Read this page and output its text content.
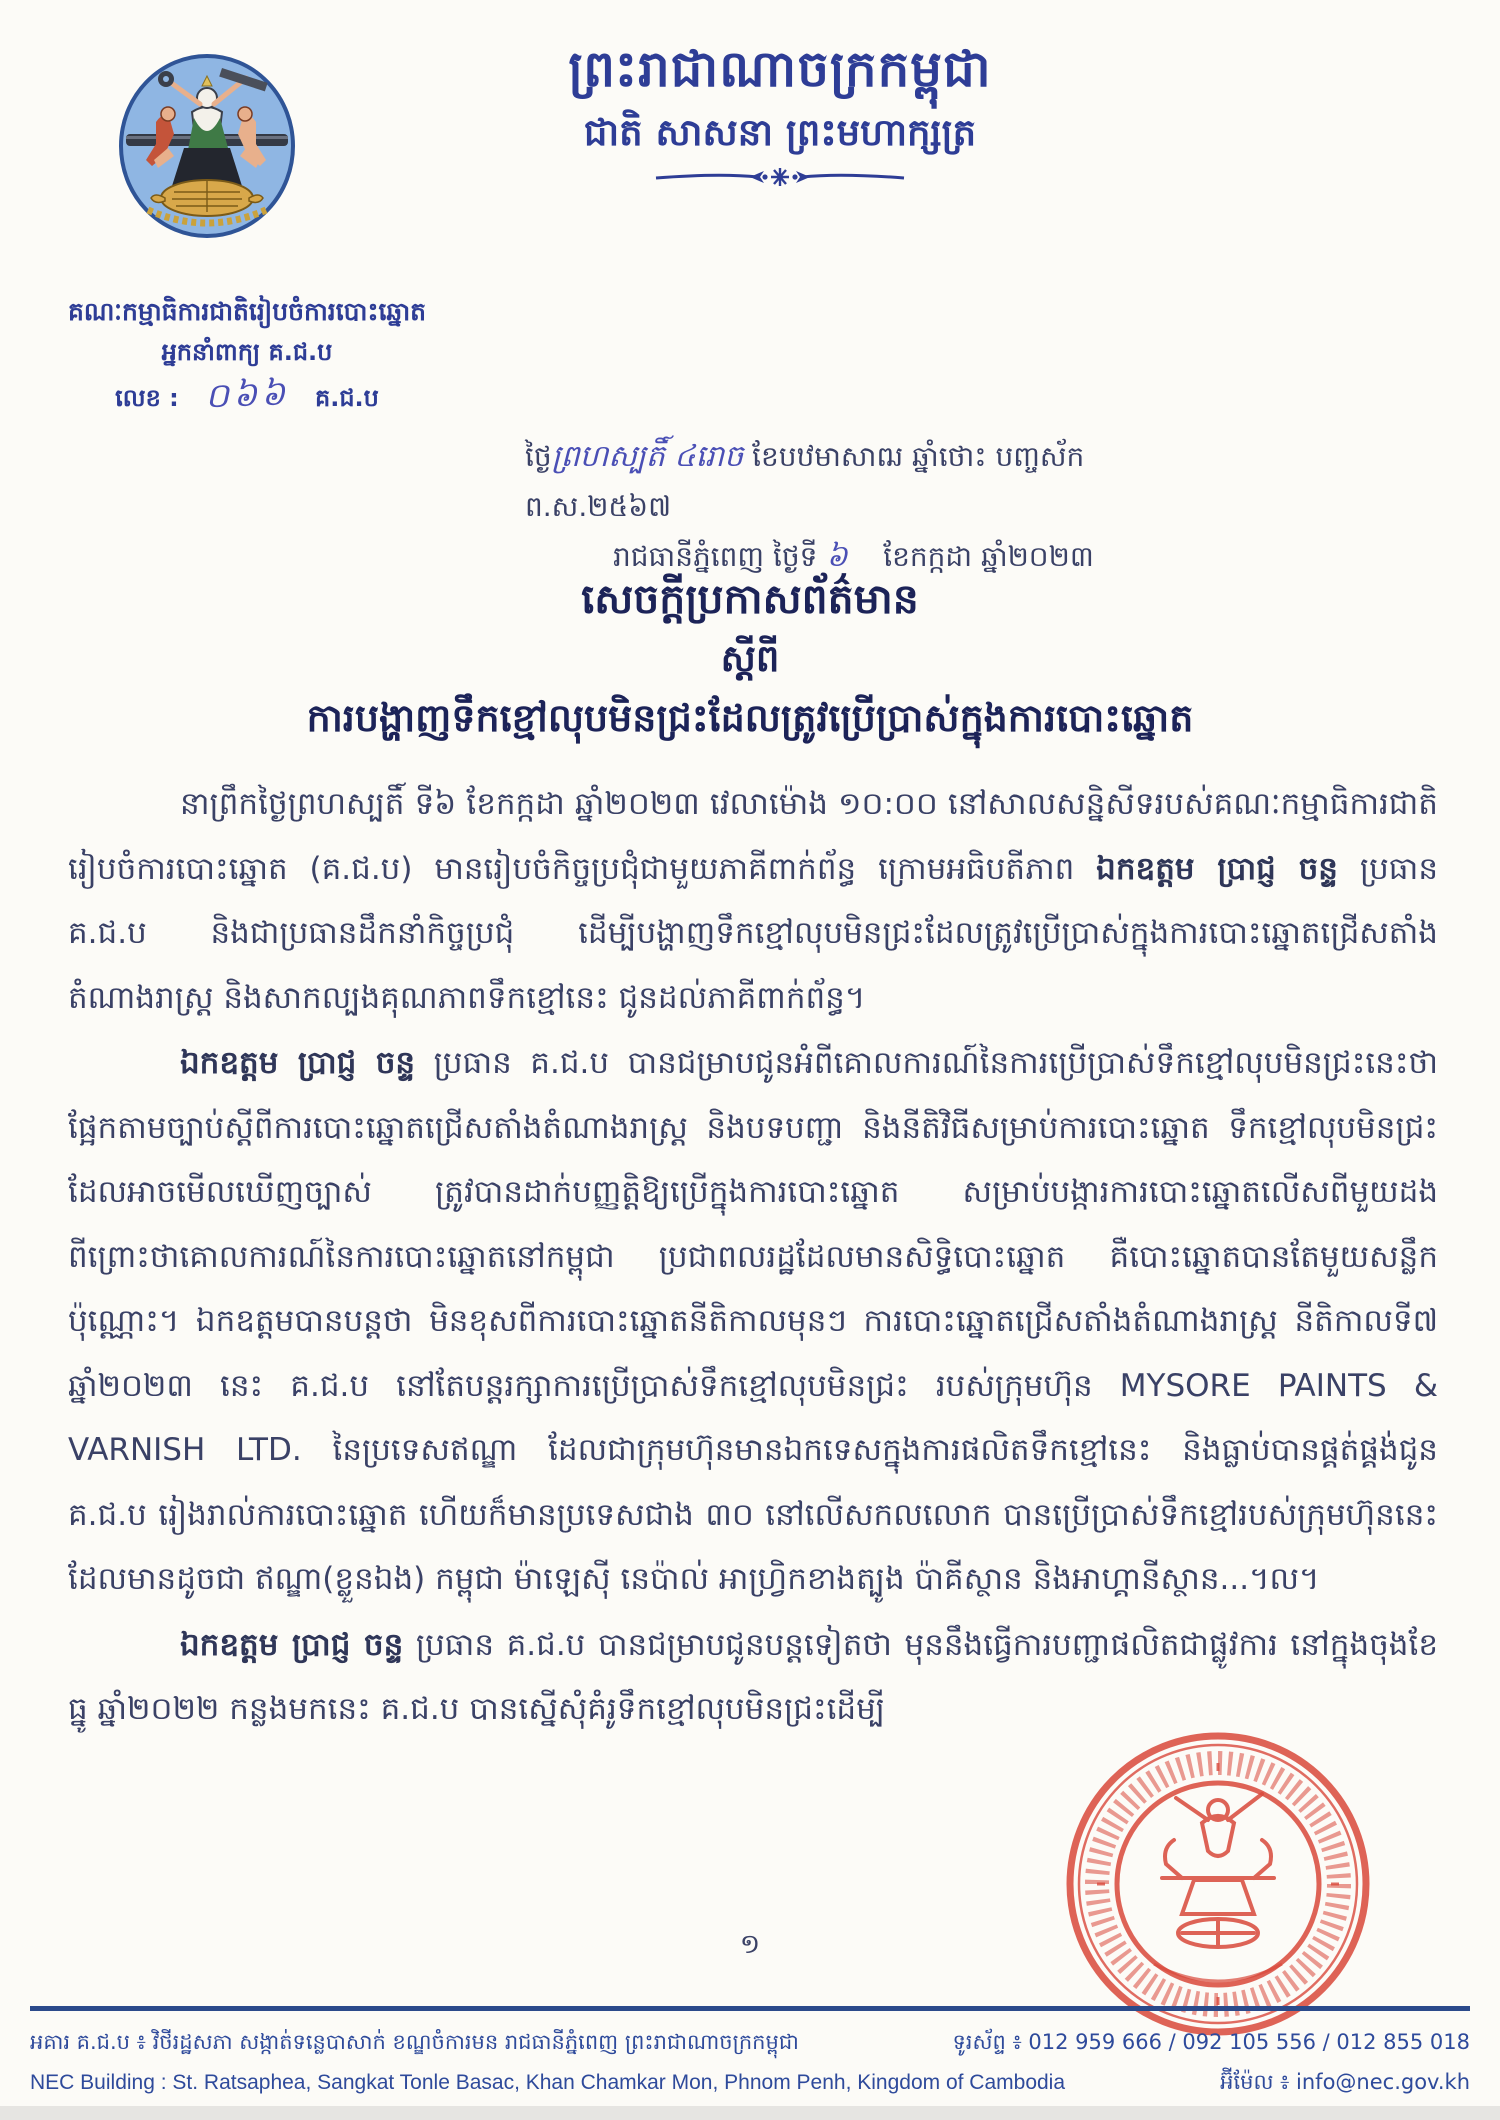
ព្រះរាជាណាចក្រកម្ពុជា
ជាតិ សាសនា ព្រះមហាក្សត្រ
គណៈកម្មាធិការជាតិរៀបចំការបោះឆ្នោត
អ្នកនាំពាក្យ គ.ជ.ប
លេខ : ០៦៦ គ.ជ.ប
ថ្ងៃព្រហស្បតិ៍ ៤រោច ខែបឋមាសាឍ ឆ្នាំថោះ បញ្ចស័ក ព.ស.២៥៦៧
រាជធានីភ្នំពេញ ថ្ងៃទី ៦ ខែកក្កដា ឆ្នាំ២០២៣
សេចក្តីប្រកាសព័ត៌មាន
ស្តីពី
ការបង្ហាញទឹកខ្មៅលុបមិនជ្រះដែលត្រូវប្រើប្រាស់ក្នុងការបោះឆ្នោត
នាព្រឹកថ្ងៃព្រហស្បតិ៍ ទី៦ ខែកក្កដា ឆ្នាំ២០២៣ វេលាម៉ោង ១០:០០ នៅសាលសន្និសីទរបស់គណៈកម្មាធិការជាតិរៀបចំការបោះឆ្នោត (គ.ជ.ប) មានរៀបចំកិច្ចប្រជុំជាមួយភាគីពាក់ព័ន្ធ ក្រោមអធិបតីភាព ឯកឧត្តម ប្រាជ្ញ ចន្ទ ប្រធាន គ.ជ.ប និងជាប្រធានដឹកនាំកិច្ចប្រជុំ ដើម្បីបង្ហាញទឹកខ្មៅលុបមិនជ្រះដែលត្រូវប្រើប្រាស់ក្នុងការបោះឆ្នោតជ្រើសតាំងតំណាងរាស្ត្រ និងសាកល្បងគុណភាពទឹកខ្មៅនេះ ជូនដល់ភាគីពាក់ព័ន្ធ។
ឯកឧត្តម ប្រាជ្ញ ចន្ទ ប្រធាន គ.ជ.ប បានជម្រាបជូនអំពីគោលការណ៍នៃការប្រើប្រាស់ទឹកខ្មៅលុបមិនជ្រះនេះថា ផ្អែកតាមច្បាប់ស្តីពីការបោះឆ្នោតជ្រើសតាំងតំណាងរាស្ត្រ និងបទបញ្ជា និងនីតិវិធីសម្រាប់ការបោះឆ្នោត ទឹកខ្មៅលុបមិនជ្រះដែលអាចមើលឃើញច្បាស់ ត្រូវបានដាក់បញ្ញត្តិឱ្យប្រើក្នុងការបោះឆ្នោត សម្រាប់បង្ការការបោះឆ្នោតលើសពីមួយដង ពីព្រោះថាគោលការណ៍នៃការបោះឆ្នោតនៅកម្ពុជា ប្រជាពលរដ្ឋដែលមានសិទ្ធិបោះឆ្នោត គឺបោះឆ្នោតបានតែមួយសន្លឹកប៉ុណ្ណោះ។ ឯកឧត្តមបានបន្តថា មិនខុសពីការបោះឆ្នោតនីតិកាលមុនៗ ការបោះឆ្នោតជ្រើសតាំងតំណាងរាស្ត្រ នីតិកាលទី៧ ឆ្នាំ២០២៣ នេះ គ.ជ.ប នៅតែបន្តរក្សាការប្រើប្រាស់ទឹកខ្មៅលុបមិនជ្រះ របស់ក្រុមហ៊ុន MYSORE PAINTS & VARNISH LTD. នៃប្រទេសឥណ្ឌា ដែលជាក្រុមហ៊ុនមានឯកទេសក្នុងការផលិតទឹកខ្មៅនេះ និងធ្លាប់បានផ្គត់ផ្គង់ជូន គ.ជ.ប រៀងរាល់ការបោះឆ្នោត ហើយក៏មានប្រទេសជាង ៣០ នៅលើសកលលោក បានប្រើប្រាស់ទឹកខ្មៅរបស់ក្រុមហ៊ុននេះ ដែលមានដូចជា ឥណ្ឌា(ខ្លួនឯង) កម្ពុជា ម៉ាឡេស៊ី នេប៉ាល់ អាហ្វ្រិកខាងត្បូង ប៉ាគីស្ថាន និងអាហ្គានីស្ថាន...។ល។
ឯកឧត្តម ប្រាជ្ញ ចន្ទ ប្រធាន គ.ជ.ប បានជម្រាបជូនបន្តទៀតថា មុននឹងធ្វើការបញ្ជាផលិតជាផ្លូវការ នៅក្នុងចុងខែធ្នូ ឆ្នាំ២០២២ កន្លងមកនេះ គ.ជ.ប បានស្នើសុំគំរូទឹកខ្មៅលុបមិនជ្រះដើម្បី
១
អគារ គ.ជ.ប ៖ វិថីរដ្ឋសភា សង្កាត់ទន្លេបាសាក់ ខណ្ឌចំការមន រាជធានីភ្នំពេញ ព្រះរាជាណាចក្រកម្ពុជា	ទូរស័ព្ទ ៖ 012 959 666 / 092 105 556 / 012 855 018
NEC Building : St. Ratsaphea, Sangkat Tonle Basac, Khan Chamkar Mon, Phnom Penh, Kingdom of Cambodia	អ៊ីម៉ែល ៖ info@nec.gov.kh
